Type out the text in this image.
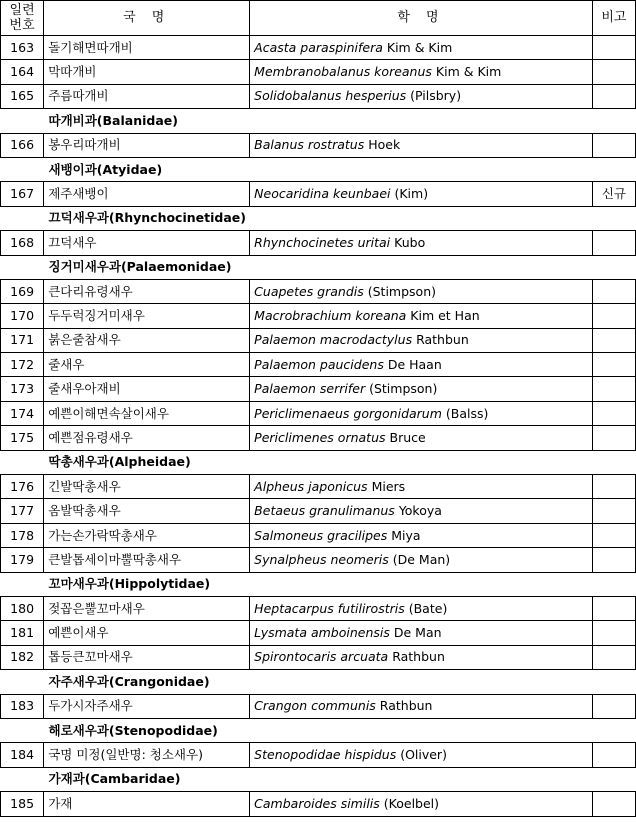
일련
번호	국 명	학 명	비고
163	돌기해면따개비	Acasta paraspinifera Kim & Kim	
164	막따개비	Membranobalanus koreanus Kim & Kim	
165	주름따개비	Solidobalanus hesperius (Pilsbry)	
따개비과(Balanidae)			
166	봉우리따개비	Balanus rostratus Hoek	
새뱅이과(Atyidae)			
167	제주새뱅이	Neocaridina keunbaei (Kim)	신규
끄덕새우과(Rhynchocinetidae)			
168	끄덕새우	Rhynchocinetes uritai Kubo	
징거미새우과(Palaemonidae)			
169	큰다리유령새우	Cuapetes grandis (Stimpson)	
170	두두럭징거미새우	Macrobrachium koreana Kim et Han	
171	붉은줄참새우	Palaemon macrodactylus Rathbun	
172	줄새우	Palaemon paucidens De Haan	
173	줄새우아재비	Palaemon serrifer (Stimpson)	
174	예쁜이해면속살이새우	Periclimenaeus gorgonidarum (Balss)	
175	예쁜점유령새우	Periclimenes ornatus Bruce	
딱총새우과(Alpheidae)			
176	긴발딱총새우	Alpheus japonicus Miers	
177	옴발딱총새우	Betaeus granulimanus Yokoya	
178	가는손가락딱총새우	Salmoneus gracilipes Miya	
179	큰발톱세이마뿔딱총새우	Synalpheus neomeris (De Man)	
꼬마새우과(Hippolytidae)			
180	젖꼽은뿔꼬마새우	Heptacarpus futilirostris (Bate)	
181	예쁜이새우	Lysmata amboinensis De Man	
182	톱등큰꼬마새우	Spirontocaris arcuata Rathbun	
자주새우과(Crangonidae)			
183	두가시자주새우	Crangon communis Rathbun	
해로새우과(Stenopodidae)			
184	국명 미정(일반명: 청소새우)	Stenopodidae hispidus (Oliver)	
가재과(Cambaridae)			
185	가재	Cambaroides similis (Koelbel)	
